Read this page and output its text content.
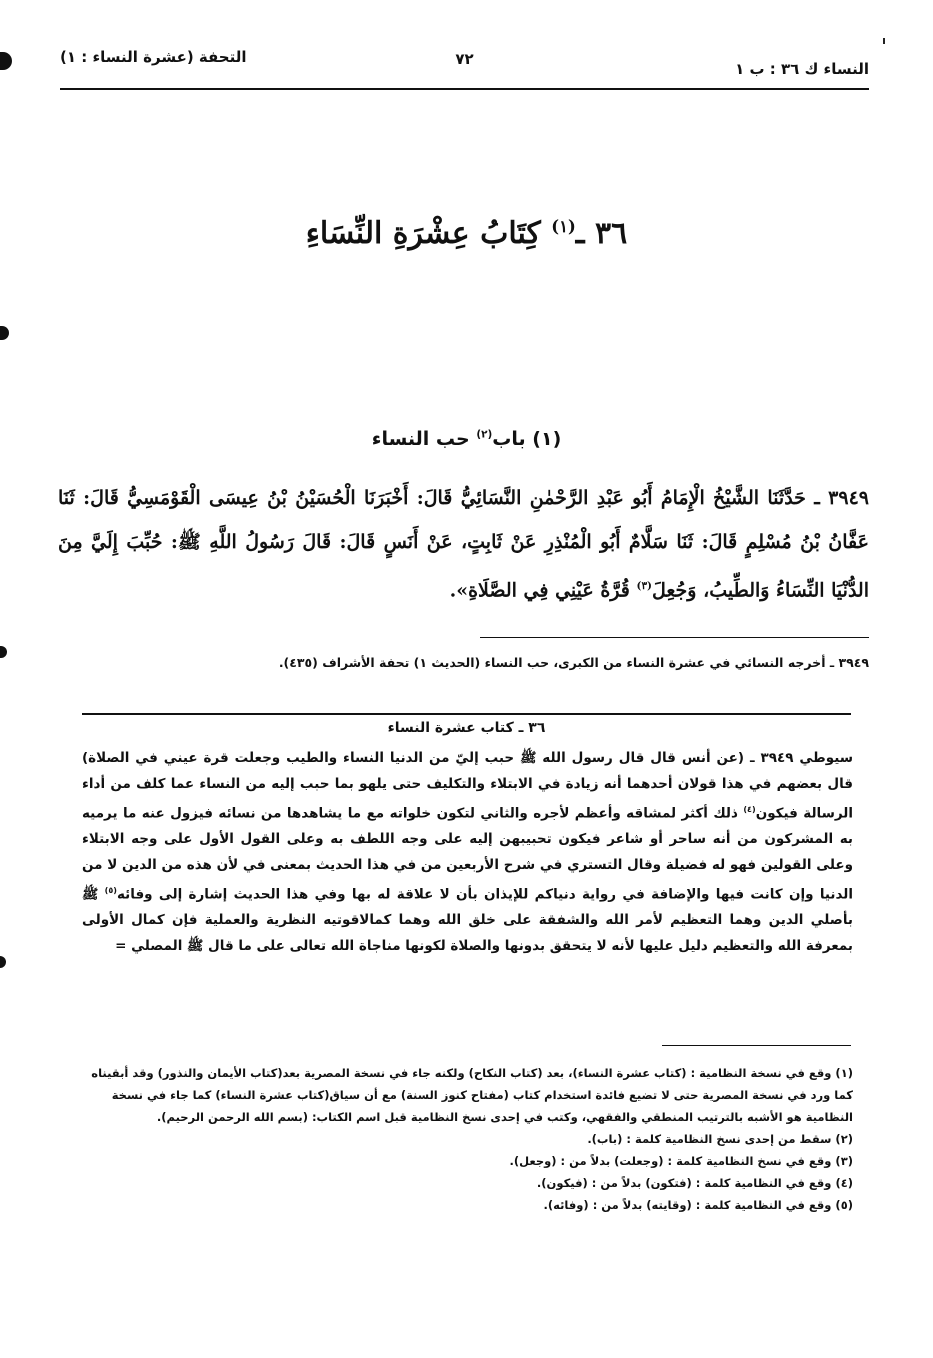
النساء ك ٣٦ : ب ١
٧٢
التحفة (عشرة النساء : ١)
٣٦ ـ$^{(١)}$ كِتَابُ عِشْرَةِ النِّسَاءِ
(١) باب$^{(٢)}$ حب النساء
٣٩٤٩ ـ حَدَّثَنَا الشَّيْخُ الْإِمَامُ أَبُو عَبْدِ الرَّحْمٰنِ النَّسَائِيُّ قَالَ: أَخْبَرَنَا الْحُسَيْنُ بْنُ عِيسَى الْقَوْمَسِيُّ قَالَ: ثَنَا عَفَّانُ بْنُ مُسْلِمٍ قَالَ: ثَنَا سَلَّامٌ أَبُو الْمُنْذِرِ عَنْ ثَابِتٍ، عَنْ أَنَسٍ قَالَ: قَالَ رَسُولُ اللَّهِ ﷺ: حُبِّبَ إِلَيَّ مِنَ الدُّنْيَا النِّسَاءُ وَالطِّيبُ، وَجُعِلَ$^{(٣)}$ قُرَّةُ عَيْنِي فِي الصَّلَاةِ».
٣٩٤٩ ـ أخرجه النسائي في عشرة النساء من الكبرى، حب النساء (الحديث ١) تحفة الأشراف (٤٣٥).
٣٦ ـ كتاب عشرة النساء
سيوطي ٣٩٤٩ ـ (عن أنس قال قال رسول الله ﷺ حبب إليّ من الدنيا النساء والطيب وجعلت قرة عيني في الصلاة) قال بعضهم في هذا قولان أحدهما أنه زيادة في الابتلاء والتكليف حتى يلهو بما حبب إليه من النساء عما كلف من أداء الرسالة فيكون$^{(٤)}$ ذلك أكثر لمشاقه وأعظم لأجره والثاني لتكون خلواته مع ما يشاهدها من نسائه فيزول عنه ما يرميه به المشركون من أنه ساحر أو شاعر فيكون تحبيبهن إليه على وجه اللطف به وعلى القول الأول على وجه الابتلاء وعلى القولين فهو له فضيلة وقال التستري في شرح الأربعين من في هذا الحديث بمعنى في لأن هذه من الدين لا من الدنيا وإن كانت فيها والإضافة في رواية دنياكم للإيذان بأن لا علاقة له بها وفي هذا الحديث إشارة إلى وفائه$^{(٥)}$ ﷺ بأصلي الدين وهما التعظيم لأمر الله والشفقة على خلق الله وهما كمالاقوتيه النظرية والعملية فإن كمال الأولى بمعرفة الله والتعظيم دليل عليها لأنه لا يتحقق بدونها والصلاة لكونها مناجاة الله تعالى على ما قال ﷺ المصلي =
(١) وقع في نسخة النظامية : (كتاب عشرة النساء)، بعد (كتاب النكاح) ولكنه جاء في نسخة المصرية بعد(كتاب الأيمان والنذور) وقد أبقيناه كما ورد في نسخة المصرية حتى لا تضيع فائدة استخدام كتاب (مفتاح كنوز السنة) مع أن سياق(كتاب عشرة النساء) كما جاء في نسخة النظامية هو الأشبه بالترتيب المنطقي والفقهي، وكتب في إحدى نسخ النظامية قبل اسم الكتاب: (بسم الله الرحمن الرحيم).
(٢) سقط من إحدى نسخ النظامية كلمة : (باب).
(٣) وقع في نسخ النظامية كلمة : (وجعلت) بدلاً من : (وجعل).
(٤) وقع في النظامية كلمة : (فتكون) بدلاً من : (فيكون).
(٥) وقع في النظامية كلمة : (وقايته) بدلاً من : (وفائه).
